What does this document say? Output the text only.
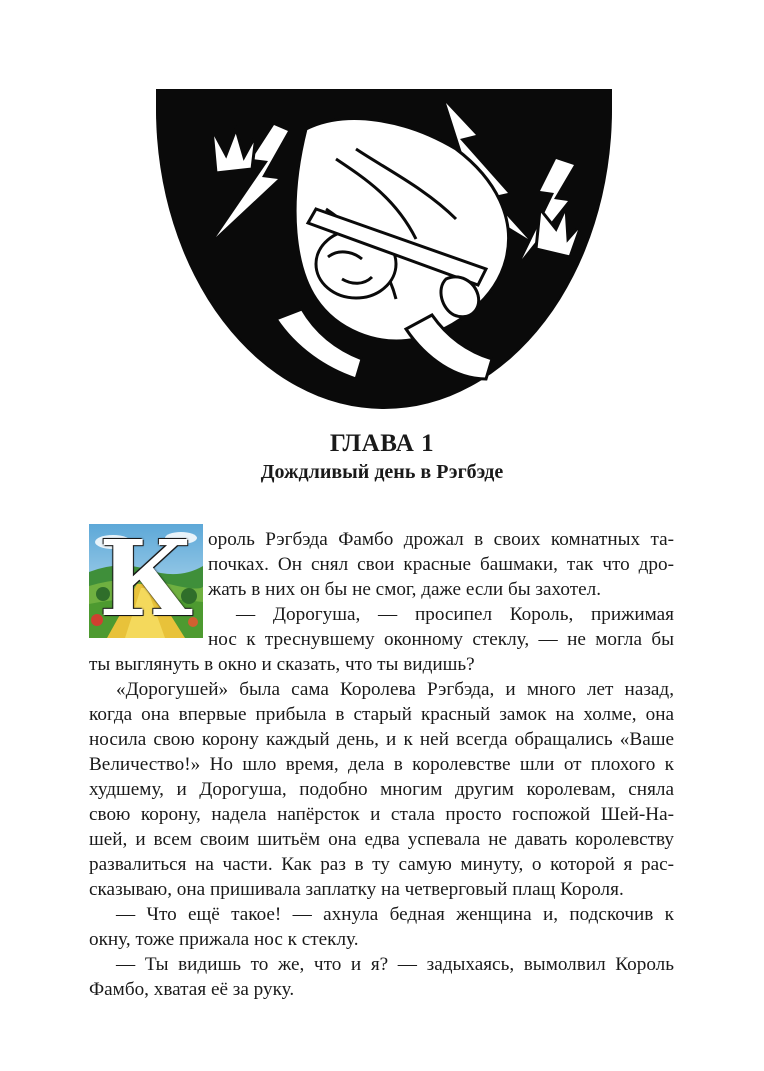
ГЛАВА 1
Дождливый день в Рэгбэде
К ороль Рэгбэда Фамбо дрожал в своих комнатных та-
почках. Он снял свои красные башмаки, так что дро-
жать в них он бы не смог, даже если бы захотел.
— Дорогуша, — просипел Король, прижимая
нос к треснувшему оконному стеклу, — не могла бы
ты выглянуть в окно и сказать, что ты видишь?
«Дорогушей» была сама Королева Рэгбэда, и много лет назад,
когда она впервые прибыла в старый красный замок на холме, она
носила свою корону каждый день, и к ней всегда обращались «Ваше
Величество!» Но шло время, дела в королевстве шли от плохого к
худшему, и Дорогуша, подобно многим другим королевам, сняла
свою корону, надела напёрсток и стала просто госпожой Шей-На-
шей, и всем своим шитьём она едва успевала не давать королевству
развалиться на части. Как раз в ту самую минуту, о которой я рас-
сказываю, она пришивала заплатку на четверговый плащ Короля.
— Что ещё такое! — ахнула бедная женщина и, подскочив к
окну, тоже прижала нос к стеклу.
— Ты видишь то же, что и я? — задыхаясь, вымолвил Король
Фамбо, хватая её за руку.
